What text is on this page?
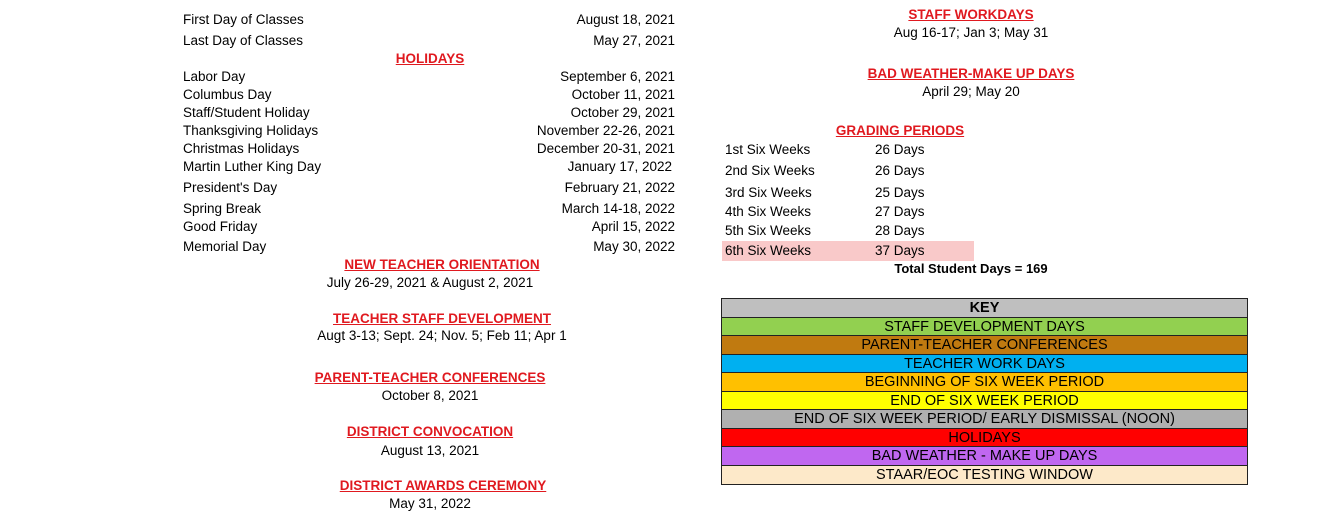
First Day of Classes	August 18, 2021
Last Day of Classes	May 27, 2021
HOLIDAYS
Labor Day	September 6, 2021
Columbus Day	October 11, 2021
Staff/Student Holiday	October 29, 2021
Thanksgiving Holidays	November 22-26, 2021
Christmas Holidays	December 20-31, 2021
Martin Luther King Day	January 17, 2022
President's Day	February 21, 2022
Spring Break	March 14-18, 2022
Good Friday	April 15, 2022
Memorial Day	May 30, 2022
NEW TEACHER ORIENTATION
July 26-29, 2021 & August 2, 2021
TEACHER STAFF DEVELOPMENT
Augt 3-13; Sept. 24; Nov. 5; Feb 11; Apr 1
PARENT-TEACHER CONFERENCES
October 8, 2021
DISTRICT CONVOCATION
August 13, 2021
DISTRICT AWARDS CEREMONY
May 31, 2022
STAFF WORKDAYS
Aug 16-17; Jan 3; May 31
BAD WEATHER-MAKE UP DAYS
April 29; May 20
GRADING PERIODS
1st Six Weeks	26 Days
2nd Six Weeks	26 Days
3rd Six Weeks	25 Days
4th Six Weeks	27 Days
5th Six Weeks	28 Days
6th Six Weeks	37 Days
Total Student Days = 169
KEY
STAFF DEVELOPMENT DAYS
PARENT-TEACHER CONFERENCES
TEACHER WORK DAYS
BEGINNING OF SIX WEEK PERIOD
END OF SIX WEEK PERIOD
END OF SIX WEEK PERIOD/ EARLY DISMISSAL (NOON)
HOLIDAYS
BAD WEATHER - MAKE UP DAYS
STAAR/EOC TESTING WINDOW
